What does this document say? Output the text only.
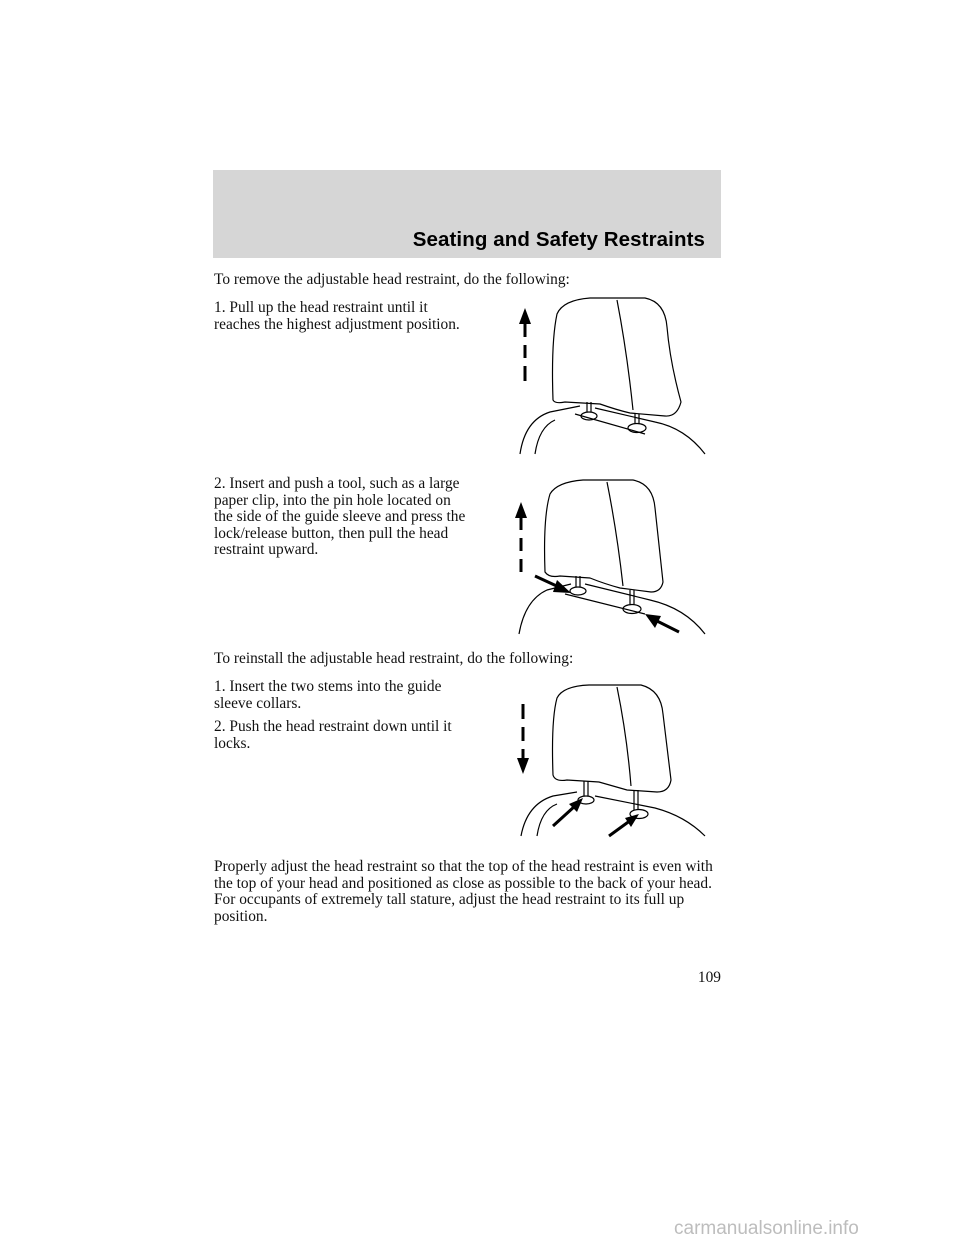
Seating and Safety Restraints

To remove the adjustable head restraint, do the following:

1. Pull up the head restraint until it reaches the highest adjustment position.

2. Insert and push a tool, such as a large paper clip, into the pin hole located on the side of the guide sleeve and press the lock/release button, then pull the head restraint upward.

To reinstall the adjustable head restraint, do the following:

1. Insert the two stems into the guide sleeve collars.

2. Push the head restraint down until it locks.

Properly adjust the head restraint so that the top of the head restraint is even with the top of your head and positioned as close as possible to the back of your head. For occupants of extremely tall stature, adjust the head restraint to its full up position.

109
carmanualsonline.info
